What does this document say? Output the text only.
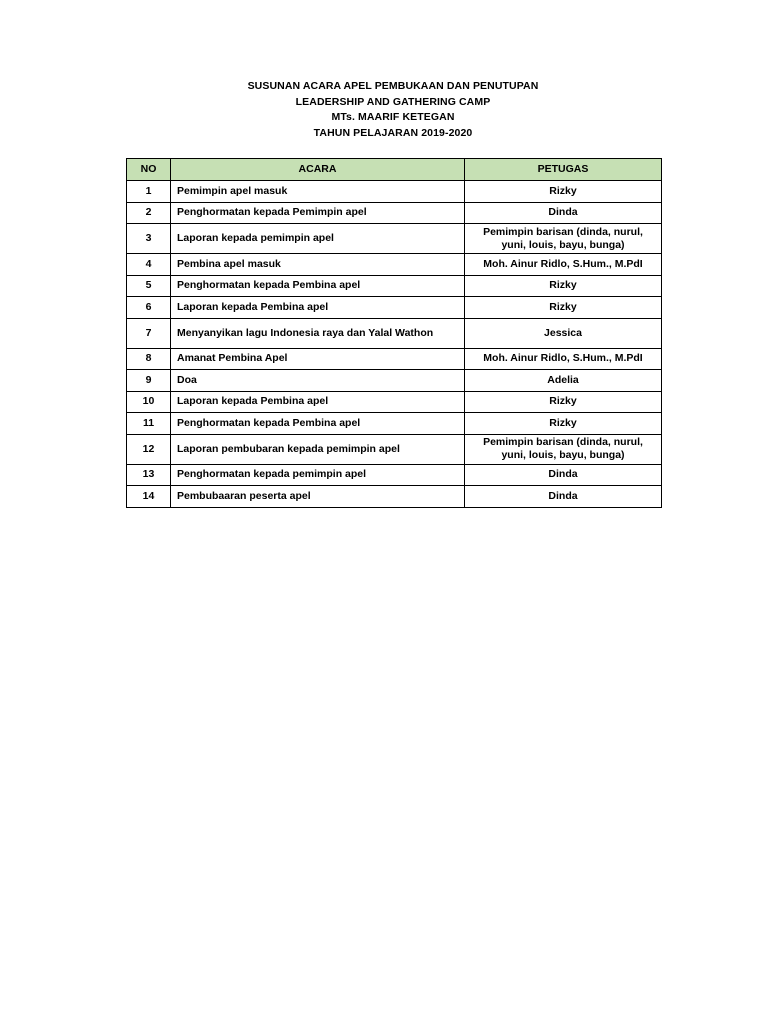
SUSUNAN ACARA APEL PEMBUKAAN DAN PENUTUPAN
LEADERSHIP AND GATHERING CAMP
MTs. MAARIF KETEGAN
TAHUN PELAJARAN 2019-2020
NO	ACARA	PETUGAS
1	Pemimpin apel masuk	Rizky
2	Penghormatan kepada Pemimpin apel	Dinda
3	Laporan kepada pemimpin apel	Pemimpin barisan (dinda, nurul, yuni, louis, bayu, bunga)
4	Pembina apel masuk	Moh. Ainur Ridlo, S.Hum., M.PdI
5	Penghormatan kepada Pembina apel	Rizky
6	Laporan kepada Pembina apel	Rizky
7	Menyanyikan lagu Indonesia raya dan Yalal Wathon	Jessica
8	Amanat Pembina Apel	Moh. Ainur Ridlo, S.Hum., M.PdI
9	Doa	Adelia
10	Laporan kepada Pembina apel	Rizky
11	Penghormatan kepada Pembina apel	Rizky
12	Laporan pembubaran kepada pemimpin apel	Pemimpin barisan (dinda, nurul, yuni, louis, bayu, bunga)
13	Penghormatan kepada pemimpin apel	Dinda
14	Pembubaaran peserta apel	Dinda
